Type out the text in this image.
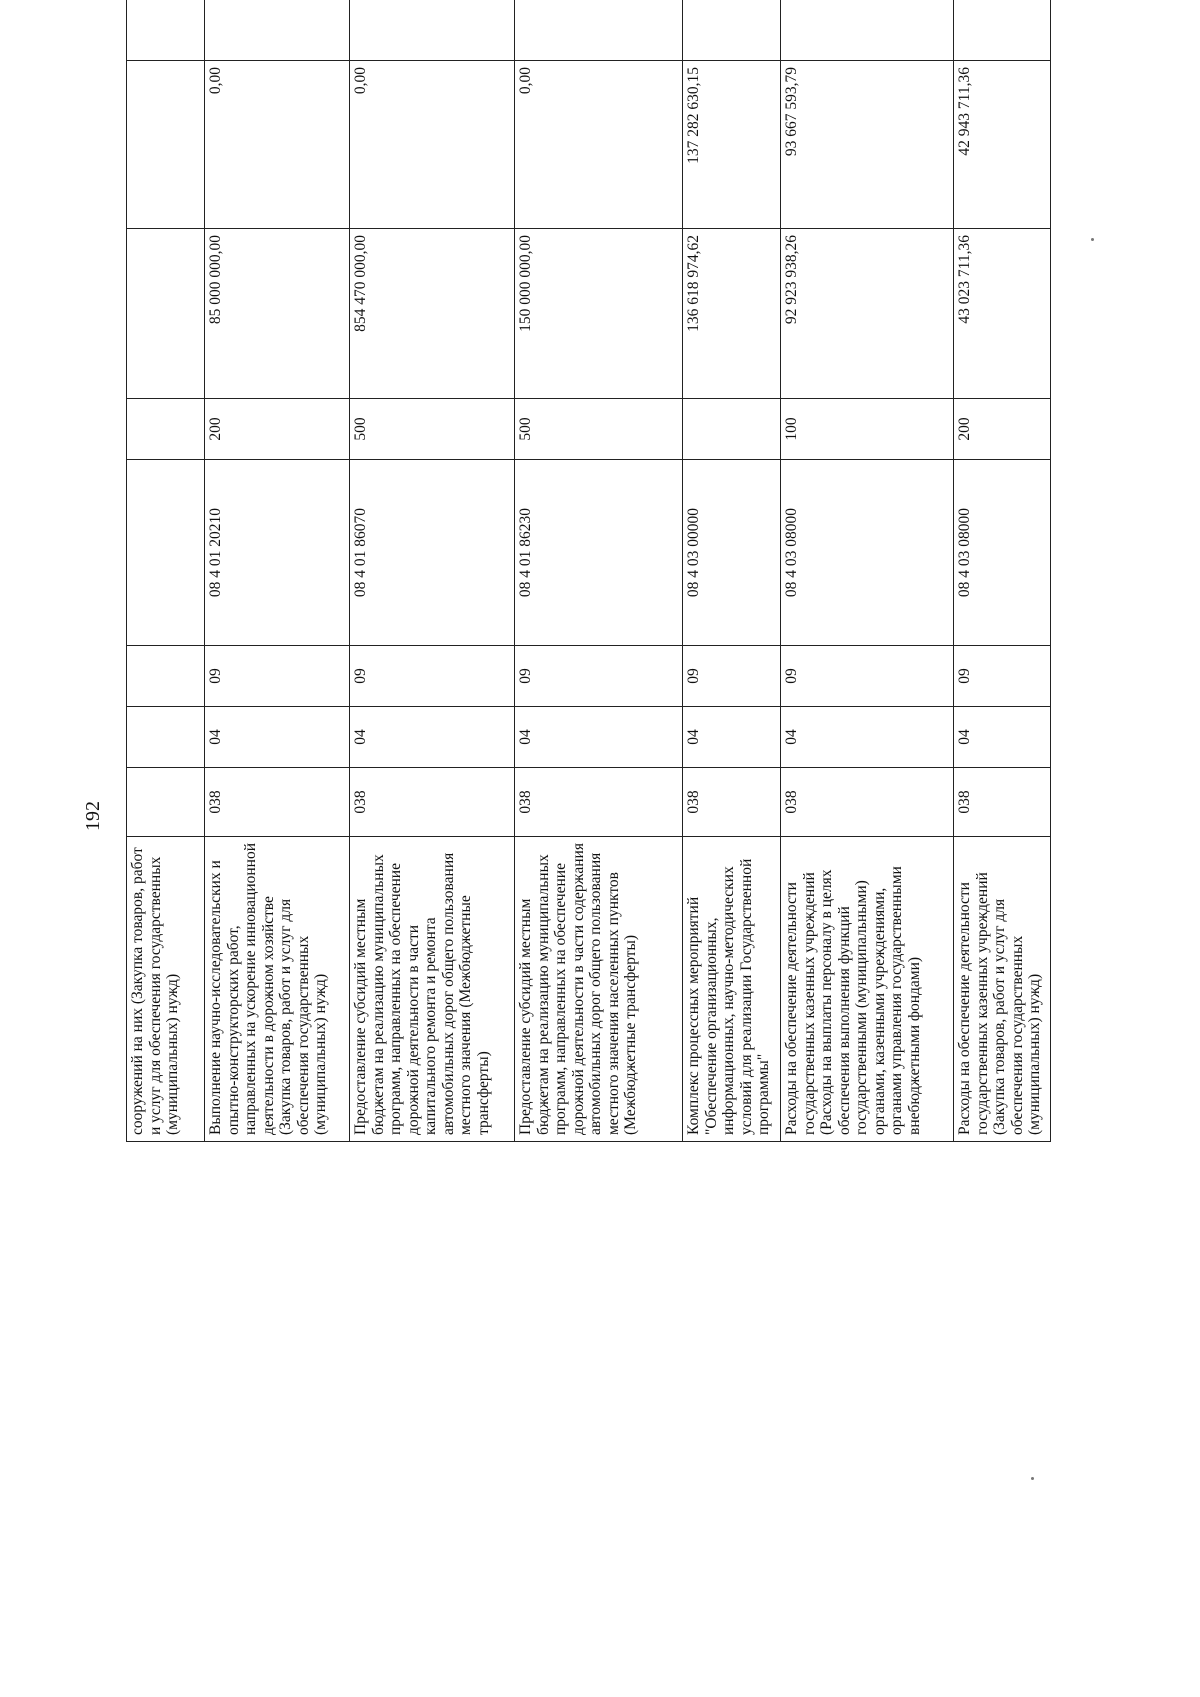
192
сооружений на них (Закупка товаров, работ и услуг для обеспечения государственных (муниципальных) нужд)								
Выполнение научно-исследовательских и опытно-конструкторских работ, направленных на ускорение инновационной деятельности в дорожном хозяйстве (Закупка товаров, работ и услуг для обеспечения государственных (муниципальных) нужд)	038	04	09	08 4 01 20210	200	85 000 000,00	0,00	
Предоставление субсидий местным бюджетам на реализацию муниципальных программ, направленных на обеспечение дорожной деятельности в части капитального ремонта и ремонта автомобильных дорог общего пользования местного значения (Межбюджетные трансферты)	038	04	09	08 4 01 86070	500	854 470 000,00	0,00	
Предоставление субсидий местным бюджетам на реализацию муниципальных программ, направленных на обеспечение дорожной деятельности в части содержания автомобильных дорог общего пользования местного значения населенных пунктов (Межбюджетные трансферты)	038	04	09	08 4 01 86230	500	150 000 000,00	0,00	
Комплекс процессных мероприятий "Обеспечение организационных, информационных, научно-методических условий для реализации Государственной программы"	038	04	09	08 4 03 00000		136 618 974,62	137 282 630,15	
Расходы на обеспечение деятельности государственных казенных учреждений (Расходы на выплаты персоналу в целях обеспечения выполнения функций государственными (муниципальными) органами, казенными учреждениями, органами управления государственными внебюджетными фондами)	038	04	09	08 4 03 08000	100	92 923 938,26	93 667 593,79	
Расходы на обеспечение деятельности государственных казенных учреждений (Закупка товаров, работ и услуг для обеспечения государственных (муниципальных) нужд)	038	04	09	08 4 03 08000	200	43 023 711,36	42 943 711,36	
